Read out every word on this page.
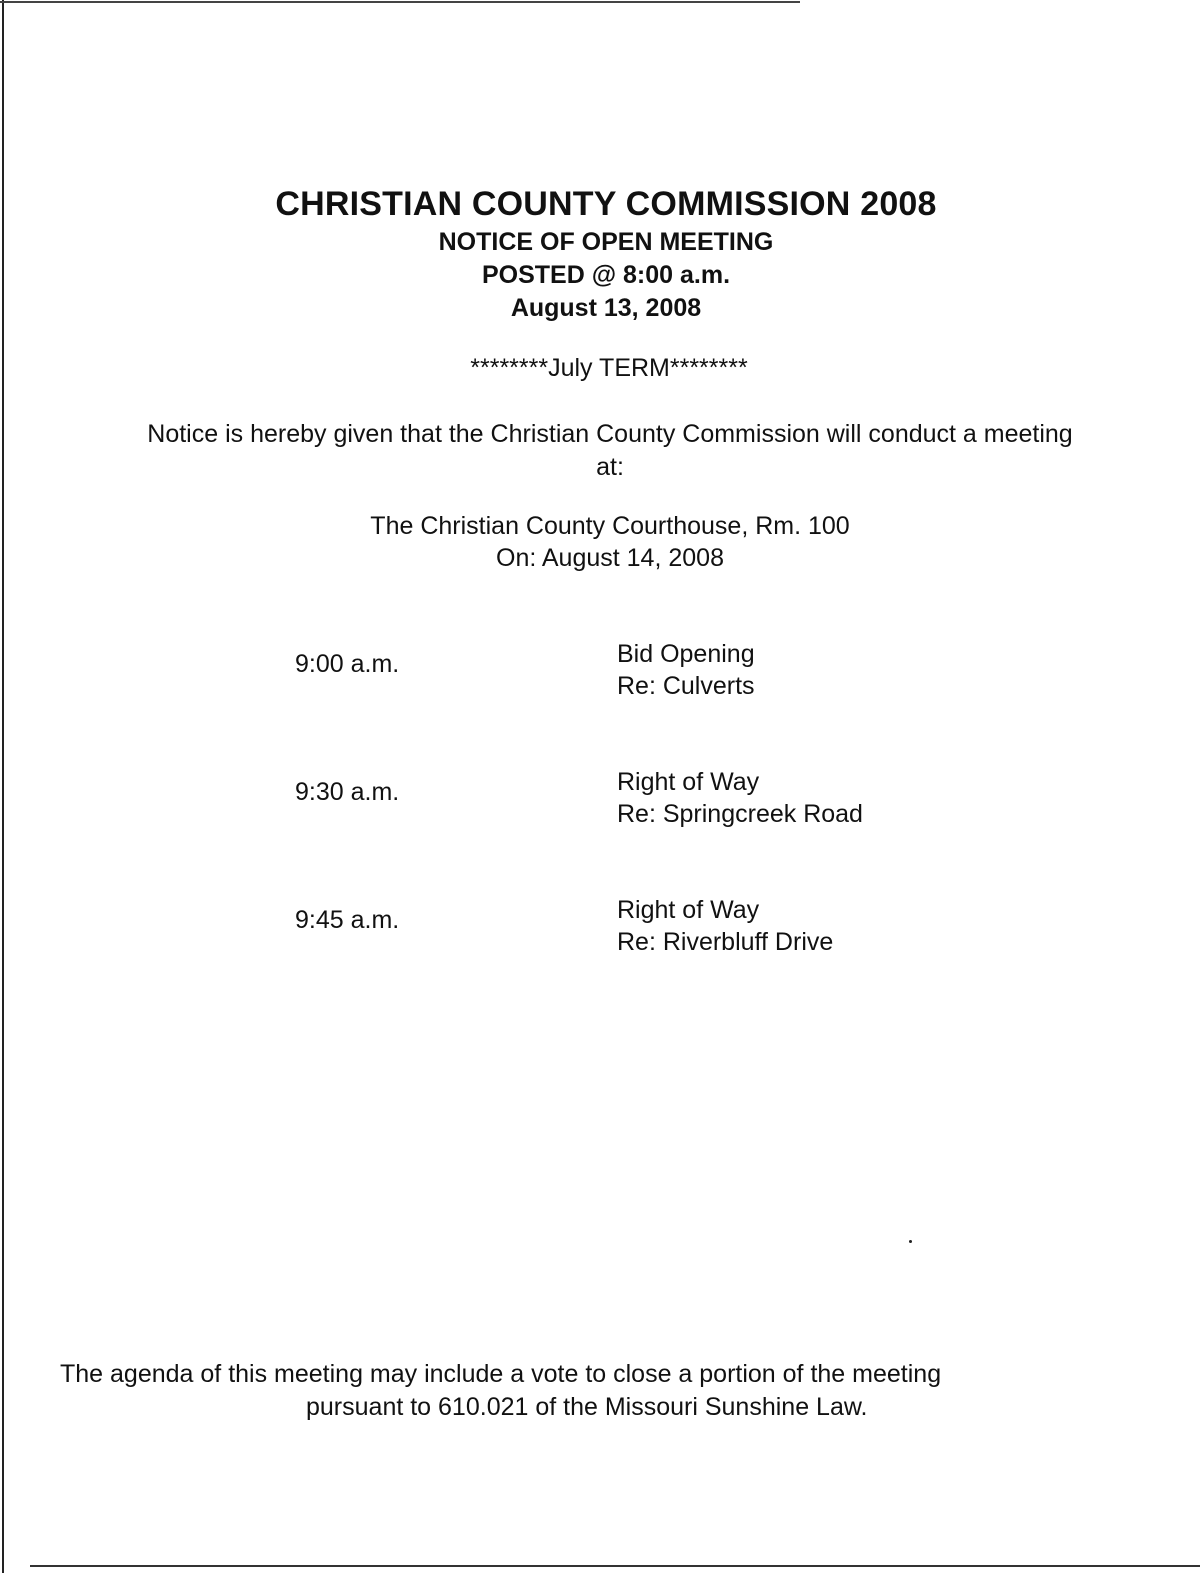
CHRISTIAN COUNTY COMMISSION 2008
NOTICE OF OPEN MEETING
POSTED @ 8:00 a.m.
August 13, 2008
********July TERM********
Notice is hereby given that the Christian County Commission will conduct a meeting at:
The Christian County Courthouse, Rm. 100
On: August 14, 2008
9:00 a.m.	Bid Opening
Re: Culverts
9:30 a.m.	Right of Way
Re: Springcreek Road
9:45 a.m.	Right of Way
Re: Riverbluff Drive
The agenda of this meeting may include a vote to close a portion of the meeting
pursuant to 610.021 of the Missouri Sunshine Law.
